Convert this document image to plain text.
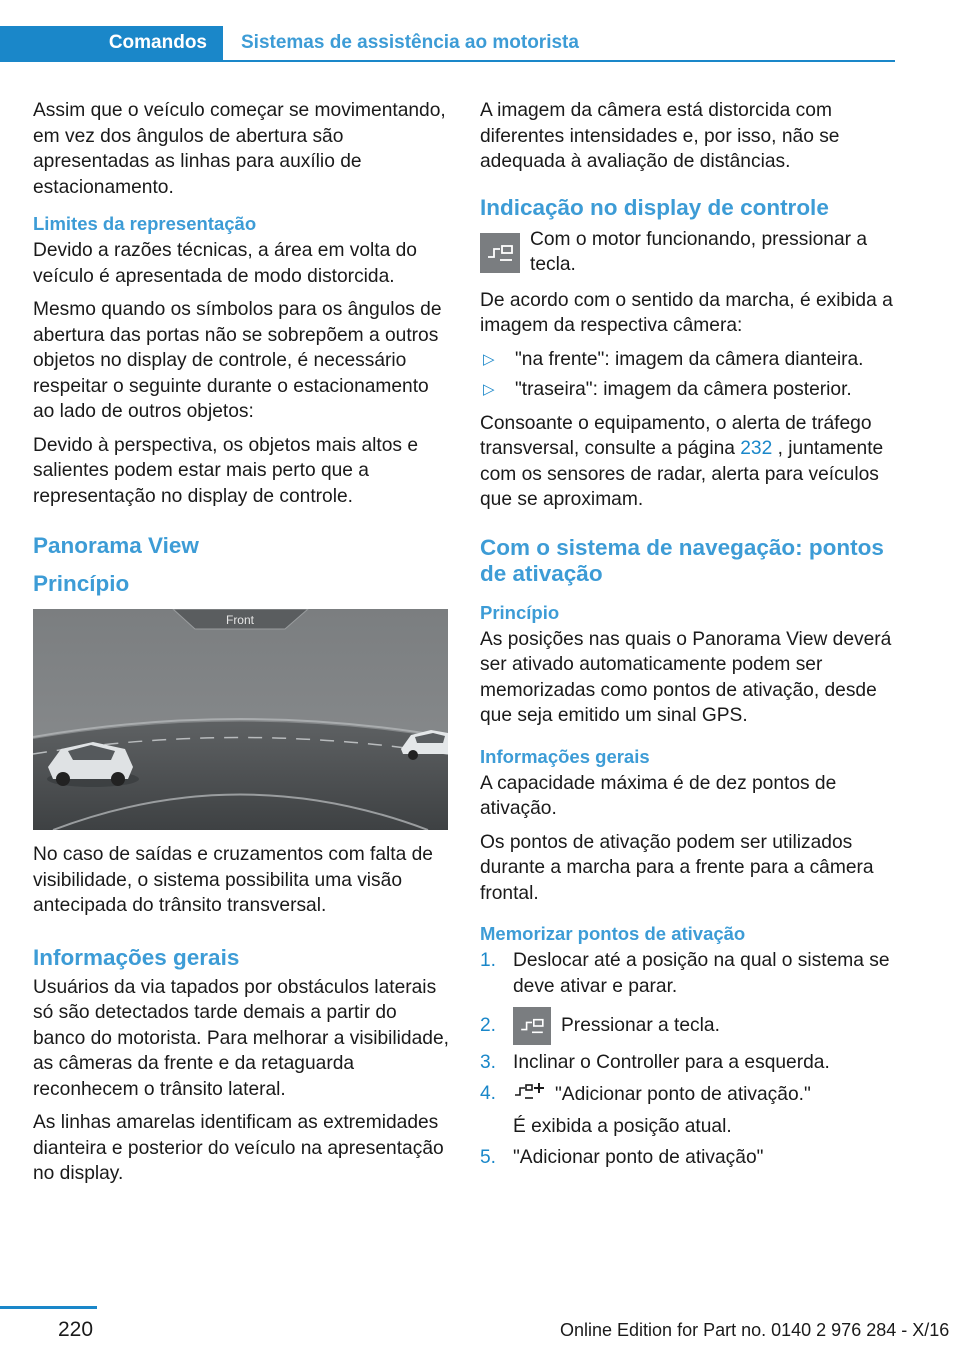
Comandos	Sistemas de assistência ao motorista

Assim que o veículo começar se movimentando, em vez dos ângulos de abertura são apresentadas as linhas para auxílio de estacionamento.

Limites da representação

Devido a razões técnicas, a área em volta do veículo é apresentada de modo distorcida.

Mesmo quando os símbolos para os ângulos de abertura das portas não se sobrepõem a outros objetos no display de controle, é necessário respeitar o seguinte durante o estacionamento ao lado de outros objetos:

Devido à perspectiva, os objetos mais altos e salientes podem estar mais perto que a representação no display de controle.

Panorama View
Princípio
Front

No caso de saídas e cruzamentos com falta de visibilidade, o sistema possibilita uma visão antecipada do trânsito transversal.

Informações gerais

Usuários da via tapados por obstáculos laterais só são detectados tarde demais a partir do banco do motorista. Para melhorar a visibilidade, as câmeras da frente e da retaguarda reconhecem o trânsito lateral.

As linhas amarelas identificam as extremidades dianteira e posterior do veículo na apresentação no display.

A imagem da câmera está distorcida com diferentes intensidades e, por isso, não se adequada à avaliação de distâncias.

Indicação no display de controle
Com o motor funcionando, pressionar a tecla.

De acordo com o sentido da marcha, é exibida a imagem da respectiva câmera:

▷	"na frente": imagem da câmera dianteira.
▷	"traseira": imagem da câmera posterior.

Consoante o equipamento, o alerta de tráfego transversal, consulte a página 232 , juntamente com os sensores de radar, alerta para veículos que se aproximam.

Com o sistema de navegação: pontos de ativação
Princípio

As posições nas quais o Panorama View deverá ser ativado automaticamente podem ser memorizadas como pontos de ativação, desde que seja emitido um sinal GPS.

Informações gerais

A capacidade máxima é de dez pontos de ativação.

Os pontos de ativação podem ser utilizados durante a marcha para a frente para a câmera frontal.

Memorizar pontos de ativação
1. Deslocar até a posição na qual o sistema se deve ativar e parar.
2.	Pressionar a tecla.
3. Inclinar o Controller para a esquerda.
4.	"Adicionar ponto de ativação."
É exibida a posição atual.
5. "Adicionar ponto de ativação"
220	Online Edition for Part no. 0140 2 976 284 - X/16
